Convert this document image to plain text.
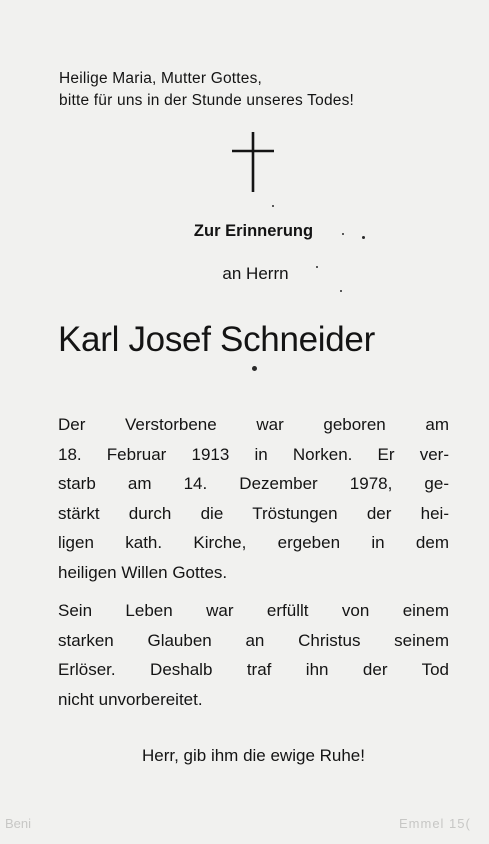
Heilige Maria, Mutter Gottes,
bitte für uns in der Stunde unseres Todes!
Zur Erinnerung
an Herrn
Karl Josef Schneider
Der Verstorbene war geboren am
18. Februar 1913 in Norken. Er ver-
starb am 14. Dezember 1978, ge-
stärkt durch die Tröstungen der hei-
ligen kath. Kirche, ergeben in dem
heiligen Willen Gottes.
Sein Leben war erfüllt von einem
starken Glauben an Christus seinem
Erlöser. Deshalb traf ihn der Tod
nicht unvorbereitet.
Herr, gib ihm die ewige Ruhe!
Beni	Emmel 15(
